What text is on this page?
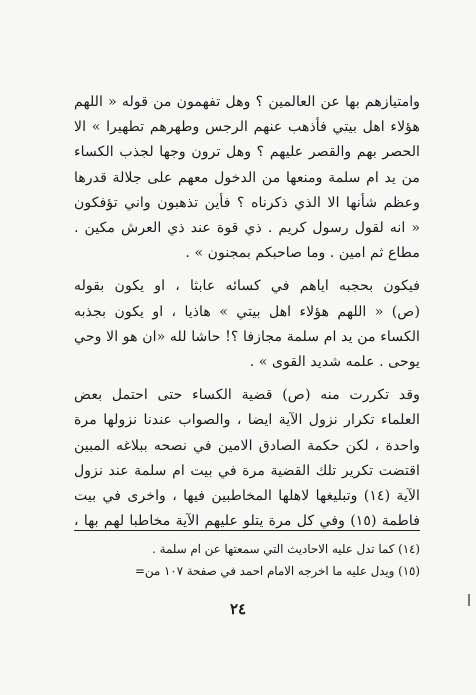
وامتيازهم بها عن العالمين ؟ وهل تفهمون من قوله « اللهم
هؤلاء اهل بيتي فأذهب عنهم الرجس وطهرهم تطهيرا » الا
الحصر بهم والقصر عليهم ؟ وهل ترون وجها لجذب الكساء
من يد ام سلمة ومنعها من الدخول معهم على جلالة قدرها
وعظم شأنها الا الذي ذكرناه ؟ فأين تذهبون واني تؤفكون
« انه لقول رسول كريم . ذي قوة عند ذي العرش مكين .
مطاع ثم امين . وما صاحبكم بمجنون » .

فيكون بحجبه اياهم في كسائه عابثا ، او يكون بقوله
(ص) « اللهم هؤلاء اهل بيتي » هاذيا ، او يكون بجذبه
الكساء من يد ام سلمة مجازفا ؟! حاشا لله «ان هو الا وحي
يوحى . علمه شديد القوى » .

وقد تكررت منه (ص) قضية الكساء حتى احتمل بعض
العلماء تكرار نزول الآية ايضا ، والصواب عندنا نزولها مرة
واحدة ، لكن حكمة الصادق الامين في نصحه ببلاغه المبين
اقتضت تكرير تلك القضية مرة في بيت ام سلمة عند نزول
الآية (١٤) وتبليغها لاهلها المخاطبين فيها ، واخرى في بيت
فاطمة (١٥) وفي كل مرة يتلو عليهم الآية مخاطبا لهم بها ،

(١٤) كما تدل عليه الاحاديث التي سمعتها عن ام سلمة .
(١٥) ويدل عليه ما اخرجه الامام احمد في صفحة ١٠٧ من=
٢٤
